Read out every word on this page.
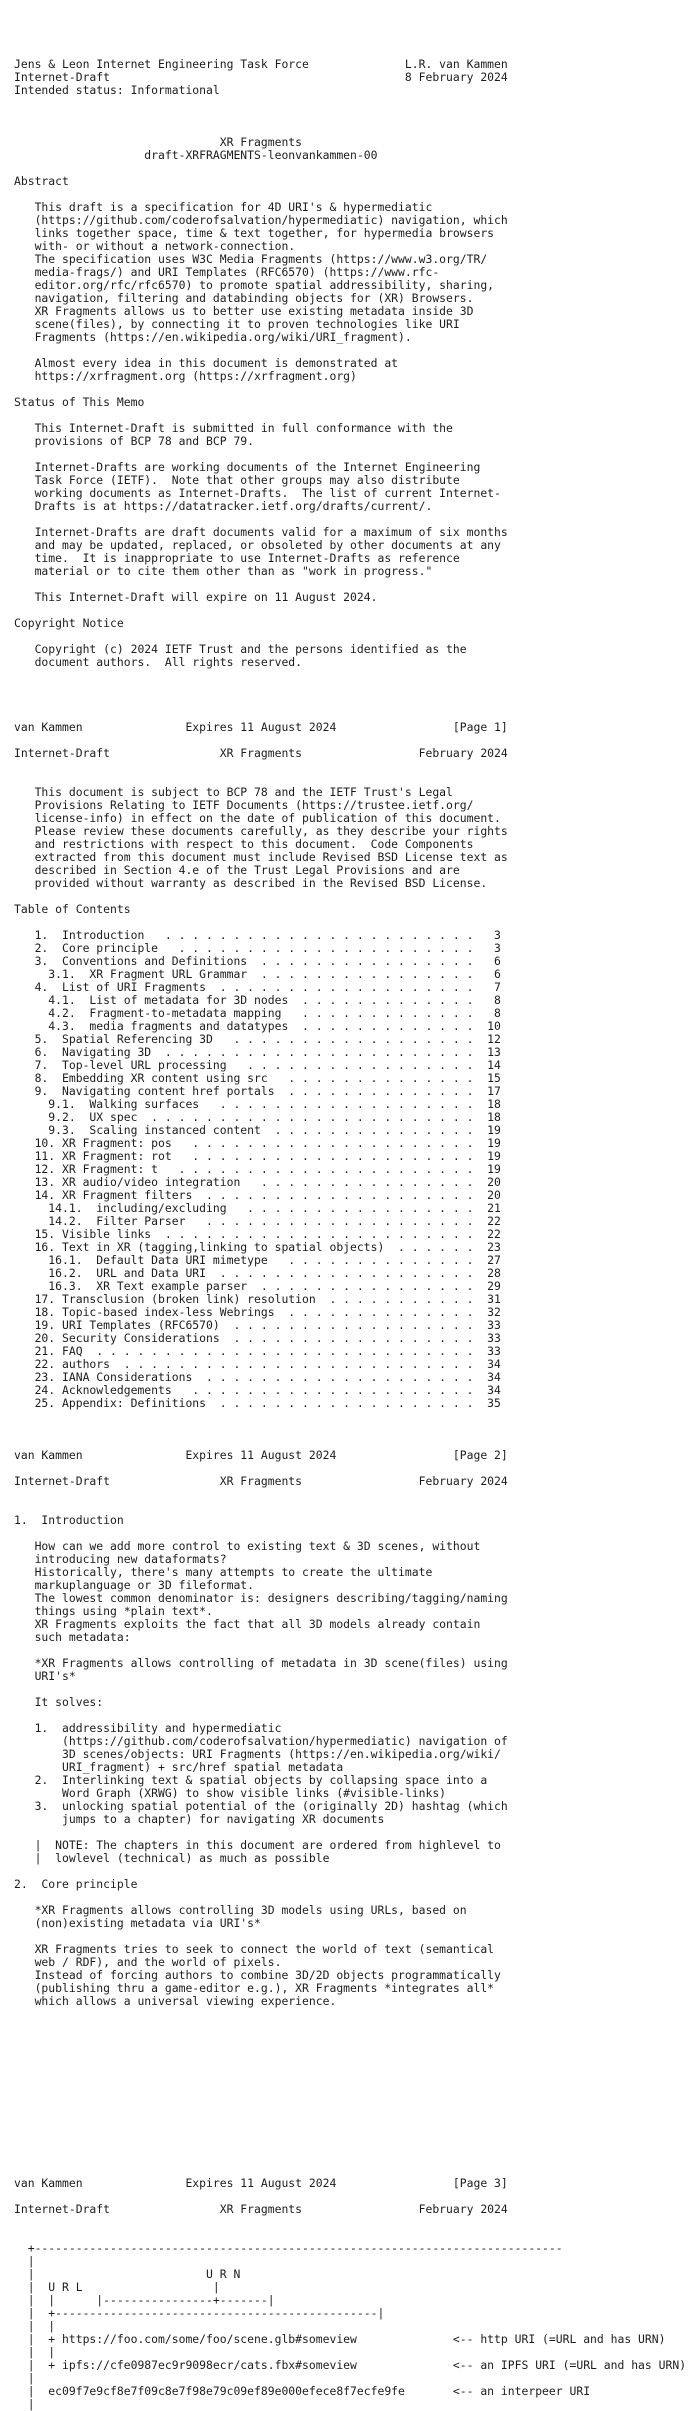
Jens & Leon Internet Engineering Task Force              L.R. van Kammen
Internet-Draft                                           8 February 2024
Intended status: Informational
XR Fragments
draft-XRFRAGMENTS-leonvankammen-00
Abstract
This draft is a specification for 4D URI's & hypermediatic
(https://github.com/coderofsalvation/hypermediatic) navigation, which
links together space, time & text together, for hypermedia browsers
with- or without a network-connection.
The specification uses W3C Media Fragments (https://www.w3.org/TR/
media-frags/) and URI Templates (RFC6570) (https://www.rfc-
editor.org/rfc/rfc6570) to promote spatial addressibility, sharing,
navigation, filtering and databinding objects for (XR) Browsers.
XR Fragments allows us to better use existing metadata inside 3D
scene(files), by connecting it to proven technologies like URI
Fragments (https://en.wikipedia.org/wiki/URI_fragment).
Almost every idea in this document is demonstrated at
https://xrfragment.org (https://xrfragment.org)
Status of This Memo
This Internet-Draft is submitted in full conformance with the
provisions of BCP 78 and BCP 79.
Internet-Drafts are working documents of the Internet Engineering
Task Force (IETF).  Note that other groups may also distribute
working documents as Internet-Drafts.  The list of current Internet-
Drafts is at https://datatracker.ietf.org/drafts/current/.
Internet-Drafts are draft documents valid for a maximum of six months
and may be updated, replaced, or obsoleted by other documents at any
time.  It is inappropriate to use Internet-Drafts as reference
material or to cite them other than as "work in progress."
This Internet-Draft will expire on 11 August 2024.
Copyright Notice
Copyright (c) 2024 IETF Trust and the persons identified as the
document authors.  All rights reserved.
van Kammen               Expires 11 August 2024                 [Page 1]
Internet-Draft                XR Fragments                 February 2024
This document is subject to BCP 78 and the IETF Trust's Legal
Provisions Relating to IETF Documents (https://trustee.ietf.org/
license-info) in effect on the date of publication of this document.
Please review these documents carefully, as they describe your rights
and restrictions with respect to this document.  Code Components
extracted from this document must include Revised BSD License text as
described in Section 4.e of the Trust Legal Provisions and are
provided without warranty as described in the Revised BSD License.
Table of Contents
1.  Introduction   . . . . . . . . . . . . . . . . . . . . . . .   3
2.  Core principle   . . . . . . . . . . . . . . . . . . . . . .   3
3.  Conventions and Definitions  . . . . . . . . . . . . . . . .   6
3.1.  XR Fragment URL Grammar  . . . . . . . . . . . . . . . .   6
4.  List of URI Fragments  . . . . . . . . . . . . . . . . . . .   7
4.1.  List of metadata for 3D nodes  . . . . . . . . . . . . .   8
4.2.  Fragment-to-metadata mapping   . . . . . . . . . . . . .   8
4.3.  media fragments and datatypes  . . . . . . . . . . . . .  10
5.  Spatial Referencing 3D   . . . . . . . . . . . . . . . . . .  12
6.  Navigating 3D  . . . . . . . . . . . . . . . . . . . . . . .  13
7.  Top-level URL processing   . . . . . . . . . . . . . . . . .  14
8.  Embedding XR content using src   . . . . . . . . . . . . . .  15
9.  Navigating content href portals  . . . . . . . . . . . . . .  17
9.1.  Walking surfaces   . . . . . . . . . . . . . . . . . . .  18
9.2.  UX spec  . . . . . . . . . . . . . . . . . . . . . . . .  18
9.3.  Scaling instanced content  . . . . . . . . . . . . . . .  19
10. XR Fragment: pos   . . . . . . . . . . . . . . . . . . . . .  19
11. XR Fragment: rot   . . . . . . . . . . . . . . . . . . . . .  19
12. XR Fragment: t   . . . . . . . . . . . . . . . . . . . . . .  19
13. XR audio/video integration   . . . . . . . . . . . . . . . .  20
14. XR Fragment filters  . . . . . . . . . . . . . . . . . . . .  20
14.1.  including/excluding   . . . . . . . . . . . . . . . . .  21
14.2.  Filter Parser   . . . . . . . . . . . . . . . . . . . .  22
15. Visible links  . . . . . . . . . . . . . . . . . . . . . . .  22
16. Text in XR (tagging,linking to spatial objects)  . . . . . .  23
16.1.  Default Data URI mimetype   . . . . . . . . . . . . . .  27
16.2.  URL and Data URI  . . . . . . . . . . . . . . . . . . .  28
16.3.  XR Text example parser  . . . . . . . . . . . . . . . .  29
17. Transclusion (broken link) resolution  . . . . . . . . . . .  31
18. Topic-based index-less Webrings  . . . . . . . . . . . . . .  32
19. URI Templates (RFC6570)  . . . . . . . . . . . . . . . . . .  33
20. Security Considerations  . . . . . . . . . . . . . . . . . .  33
21. FAQ  . . . . . . . . . . . . . . . . . . . . . . . . . . . .  33
22. authors  . . . . . . . . . . . . . . . . . . . . . . . . . .  34
23. IANA Considerations  . . . . . . . . . . . . . . . . . . . .  34
24. Acknowledgements   . . . . . . . . . . . . . . . . . . . . .  34
25. Appendix: Definitions  . . . . . . . . . . . . . . . . . . .  35
van Kammen               Expires 11 August 2024                 [Page 2]
Internet-Draft                XR Fragments                 February 2024
1.  Introduction
How can we add more control to existing text & 3D scenes, without
introducing new dataformats?
Historically, there's many attempts to create the ultimate
markuplanguage or 3D fileformat.
The lowest common denominator is: designers describing/tagging/naming
things using *plain text*.
XR Fragments exploits the fact that all 3D models already contain
such metadata:
*XR Fragments allows controlling of metadata in 3D scene(files) using
URI's*
It solves:
1.  addressibility and hypermediatic
(https://github.com/coderofsalvation/hypermediatic) navigation of
3D scenes/objects: URI Fragments (https://en.wikipedia.org/wiki/
URI_fragment) + src/href spatial metadata
2.  Interlinking text & spatial objects by collapsing space into a
Word Graph (XRWG) to show visible links (#visible-links)
3.  unlocking spatial potential of the (originally 2D) hashtag (which
jumps to a chapter) for navigating XR documents
|  NOTE: The chapters in this document are ordered from highlevel to
|  lowlevel (technical) as much as possible
2.  Core principle
*XR Fragments allows controlling 3D models using URLs, based on
(non)existing metadata via URI's*
XR Fragments tries to seek to connect the world of text (semantical
web / RDF), and the world of pixels.
Instead of forcing authors to combine 3D/2D objects programmatically
(publishing thru a game-editor e.g.), XR Fragments *integrates all*
which allows a universal viewing experience.
van Kammen               Expires 11 August 2024                 [Page 3]
Internet-Draft                XR Fragments                 February 2024
+-----------------------------------------------------------------------------
|
|                         U R N
|  U R L                   |
|  |      |----------------+-------|
|  +-----------------------------------------------|
|  |
|  + https://foo.com/some/foo/scene.glb#someview              <-- http URI (=URL and has URN)
|  |
|  + ipfs://cfe0987ec9r9098ecr/cats.fbx#someview              <-- an IPFS URI (=URL and has URN)
|
|  ec09f7e9cf8e7f09c8e7f98e79c09ef89e000efece8f7ecfe9fe       <-- an interpeer URI
|
